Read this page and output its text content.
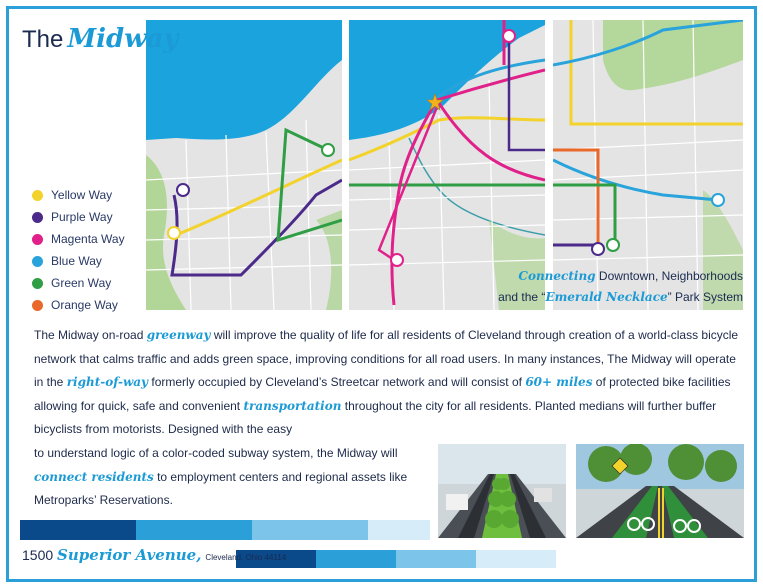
The Midway
Yellow Way
Purple Way
Magenta Way
Blue Way
Green Way
Orange Way
Connecting Downtown, Neighborhoods
and the “Emerald Necklace” Park System
The Midway on-road greenway will improve the quality of life for all residents of Cleveland through creation of a world-class bicycle network that calms traffic and adds green space, improving conditions for all road users. In many instances, The Midway will operate in the right-of-way formerly occupied by Cleveland’s Streetcar network and will consist of 60+ miles of protected bike facilities allowing for quick, safe and convenient transportation throughout the city for all residents. Planted medians will further buffer bicyclists from motorists. Designed with the easy
to understand logic of a color-coded subway system, the Midway will connect residents to employment centers and regional assets like Metroparks’ Reservations.
1500 Superior Avenue, Cleveland, Ohio 44114
